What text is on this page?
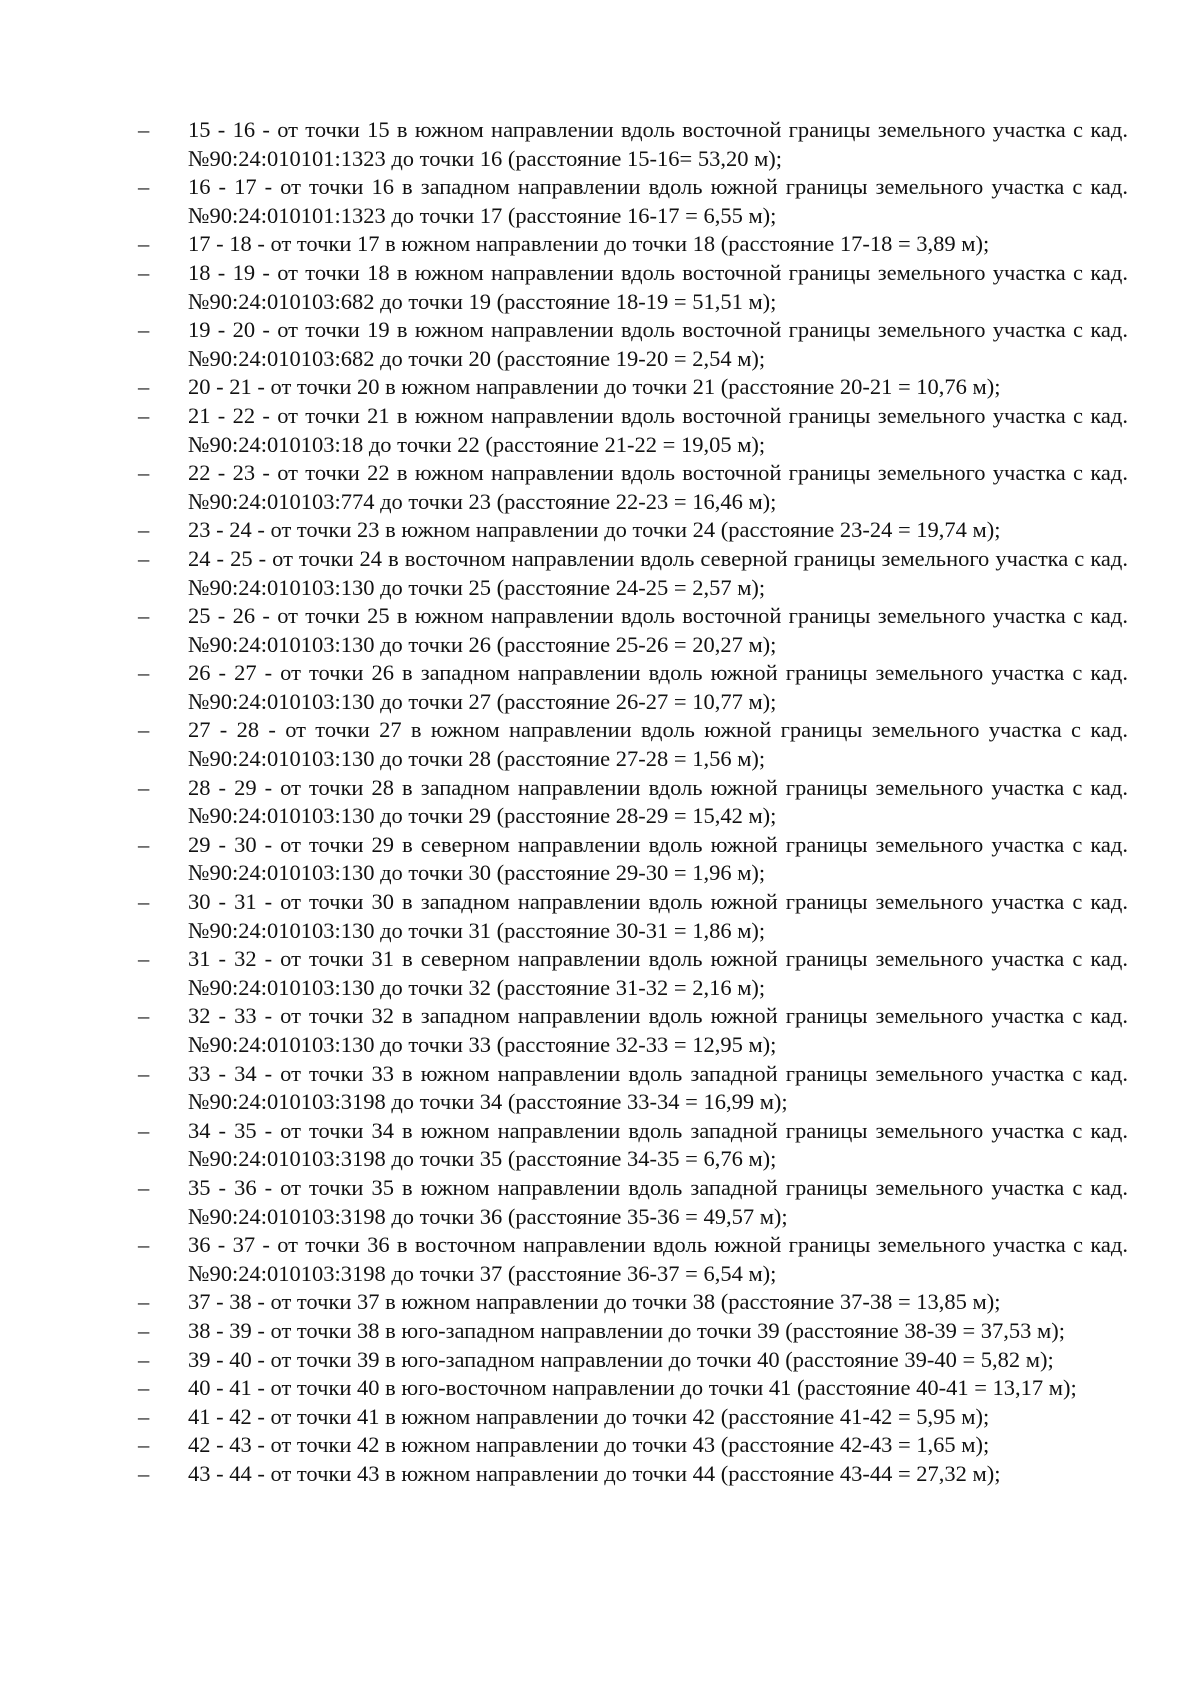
–	15 - 16 - от точки 15 в южном направлении вдоль восточной границы земельного участка с кад. №90:24:010101:1323 до точки 16 (расстояние 15-16= 53,20 м);
–	16 - 17 - от точки 16 в западном направлении вдоль южной границы земельного участка с кад. №90:24:010101:1323 до точки 17 (расстояние 16-17 = 6,55 м);
–	17 - 18 - от точки 17 в южном направлении до точки 18 (расстояние 17-18 = 3,89 м);
–	18 - 19 - от точки 18 в южном направлении вдоль восточной границы земельного участка с кад. №90:24:010103:682 до точки 19 (расстояние 18-19 = 51,51 м);
–	19 - 20 - от точки 19 в южном направлении вдоль восточной границы земельного участка с кад. №90:24:010103:682 до точки 20 (расстояние 19-20 = 2,54 м);
–	20 - 21 - от точки 20 в южном направлении до точки 21 (расстояние 20-21 = 10,76 м);
–	21 - 22 - от точки 21 в южном направлении вдоль восточной границы земельного участка с кад. №90:24:010103:18 до точки 22 (расстояние 21-22 = 19,05 м);
–	22 - 23 - от точки 22 в южном направлении вдоль восточной границы земельного участка с кад. №90:24:010103:774 до точки 23 (расстояние 22-23 = 16,46 м);
–	23 - 24 - от точки 23 в южном направлении до точки 24 (расстояние 23-24 = 19,74 м);
–	24 - 25 - от точки 24 в восточном направлении вдоль северной границы земельного участка с кад. №90:24:010103:130 до точки 25 (расстояние 24-25 = 2,57 м);
–	25 - 26 - от точки 25 в южном направлении вдоль восточной границы земельного участка с кад. №90:24:010103:130 до точки 26 (расстояние 25-26 = 20,27 м);
–	26 - 27 - от точки 26 в западном направлении вдоль южной границы земельного участка с кад. №90:24:010103:130 до точки 27 (расстояние 26-27 = 10,77 м);
–	27 - 28 - от точки 27 в южном направлении вдоль южной границы земельного участка с кад. №90:24:010103:130 до точки 28 (расстояние 27-28 = 1,56 м);
–	28 - 29 - от точки 28 в западном направлении вдоль южной границы земельного участка с кад. №90:24:010103:130 до точки 29 (расстояние 28-29 = 15,42 м);
–	29 - 30 - от точки 29 в северном направлении вдоль южной границы земельного участка с кад. №90:24:010103:130 до точки 30 (расстояние 29-30 = 1,96 м);
–	30 - 31 - от точки 30 в западном направлении вдоль южной границы земельного участка с кад. №90:24:010103:130 до точки 31 (расстояние 30-31 = 1,86 м);
–	31 - 32 - от точки 31 в северном направлении вдоль южной границы земельного участка с кад. №90:24:010103:130 до точки 32 (расстояние 31-32 = 2,16 м);
–	32 - 33 - от точки 32 в западном направлении вдоль южной границы земельного участка с кад. №90:24:010103:130 до точки 33 (расстояние 32-33 = 12,95 м);
–	33 - 34 - от точки 33 в южном направлении вдоль западной границы земельного участка с кад. №90:24:010103:3198 до точки 34 (расстояние 33-34 = 16,99 м);
–	34 - 35 - от точки 34 в южном направлении вдоль западной границы земельного участка с кад. №90:24:010103:3198 до точки 35 (расстояние 34-35 = 6,76 м);
–	35 - 36 - от точки 35 в южном направлении вдоль западной границы земельного участка с кад. №90:24:010103:3198 до точки 36 (расстояние 35-36 = 49,57 м);
–	36 - 37 - от точки 36 в восточном направлении вдоль южной границы земельного участка с кад. №90:24:010103:3198 до точки 37 (расстояние 36-37 = 6,54 м);
–	37 - 38 - от точки 37 в южном направлении до точки 38 (расстояние 37-38 = 13,85 м);
–	38 - 39 - от точки 38 в юго-западном направлении до точки 39 (расстояние 38-39 = 37,53 м);
–	39 - 40 - от точки 39 в юго-западном направлении до точки 40 (расстояние 39-40 = 5,82 м);
–	40 - 41 - от точки 40 в юго-восточном направлении до точки 41 (расстояние 40-41 = 13,17 м);
–	41 - 42 - от точки 41 в южном направлении до точки 42 (расстояние 41-42 = 5,95 м);
–	42 - 43 - от точки 42 в южном направлении до точки 43 (расстояние 42-43 = 1,65 м);
–	43 - 44 - от точки 43 в южном направлении до точки 44 (расстояние 43-44 = 27,32 м);
